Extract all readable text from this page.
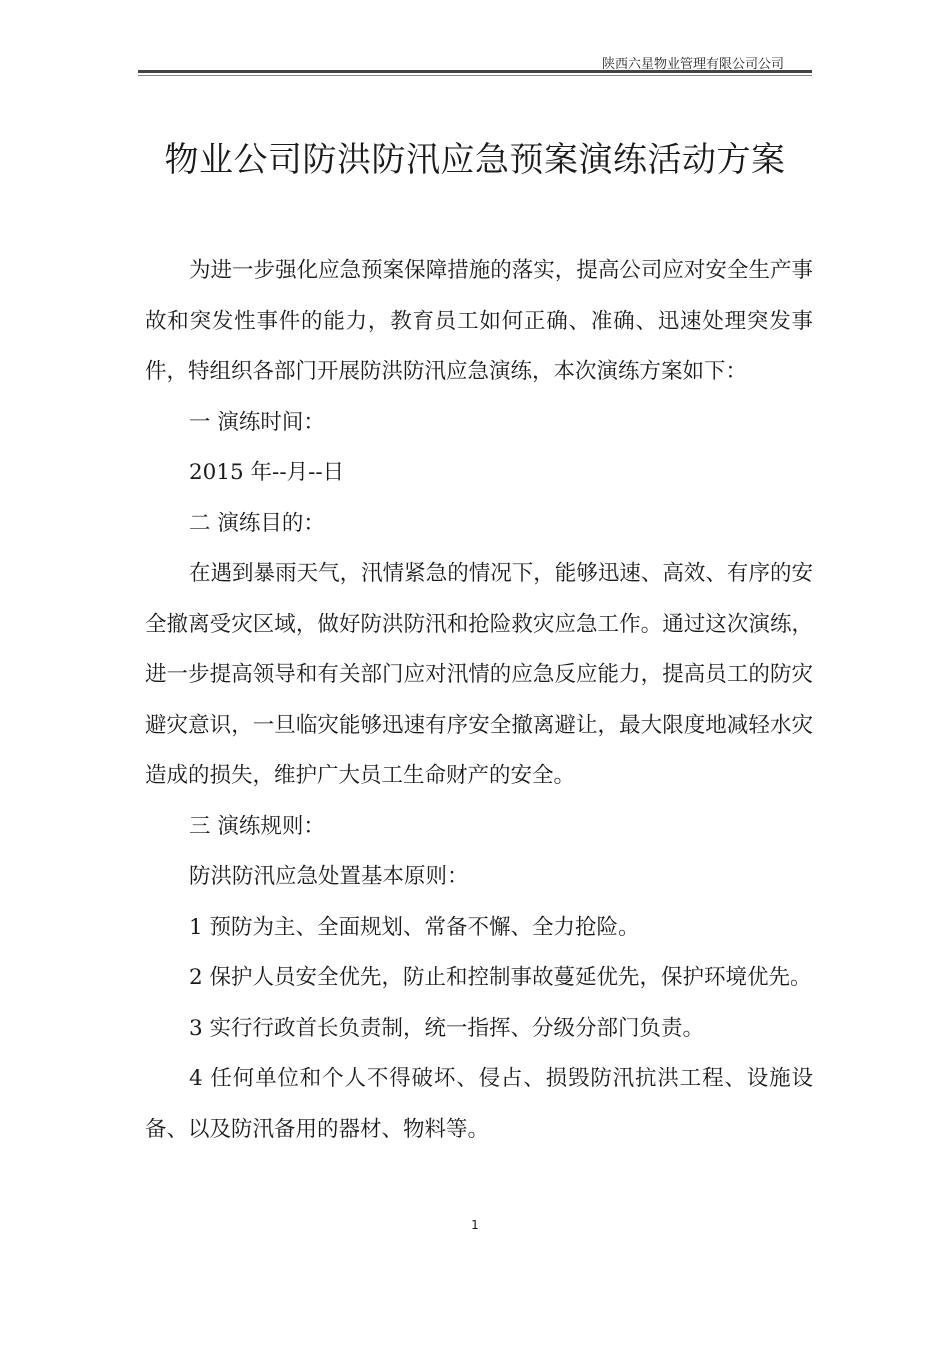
陕西六星物业管理有限公司公司
物业公司防洪防汛应急预案演练活动方案

为进一步强化应急预案保障措施的落实，提高公司应对安全生产事故和突发性事件的能力，教育员工如何正确、准确、迅速处理突发事件，特组织各部门开展防洪防汛应急演练，本次演练方案如下：

一 演练时间：

2015 年--月--日

二 演练目的：

在遇到暴雨天气，汛情紧急的情况下，能够迅速、高效、有序的安全撤离受灾区域，做好防洪防汛和抢险救灾应急工作。通过这次演练，进一步提高领导和有关部门应对汛情的应急反应能力，提高员工的防灾避灾意识，一旦临灾能够迅速有序安全撤离避让，最大限度地减轻水灾造成的损失，维护广大员工生命财产的安全。

三 演练规则：

防洪防汛应急处置基本原则：

1 预防为主、全面规划、常备不懈、全力抢险。

2 保护人员安全优先，防止和控制事故蔓延优先，保护环境优先。

3 实行行政首长负责制，统一指挥、分级分部门负责。

4 任何单位和个人不得破坏、侵占、损毁防汛抗洪工程、设施设备、以及防汛备用的器材、物料等。

1
